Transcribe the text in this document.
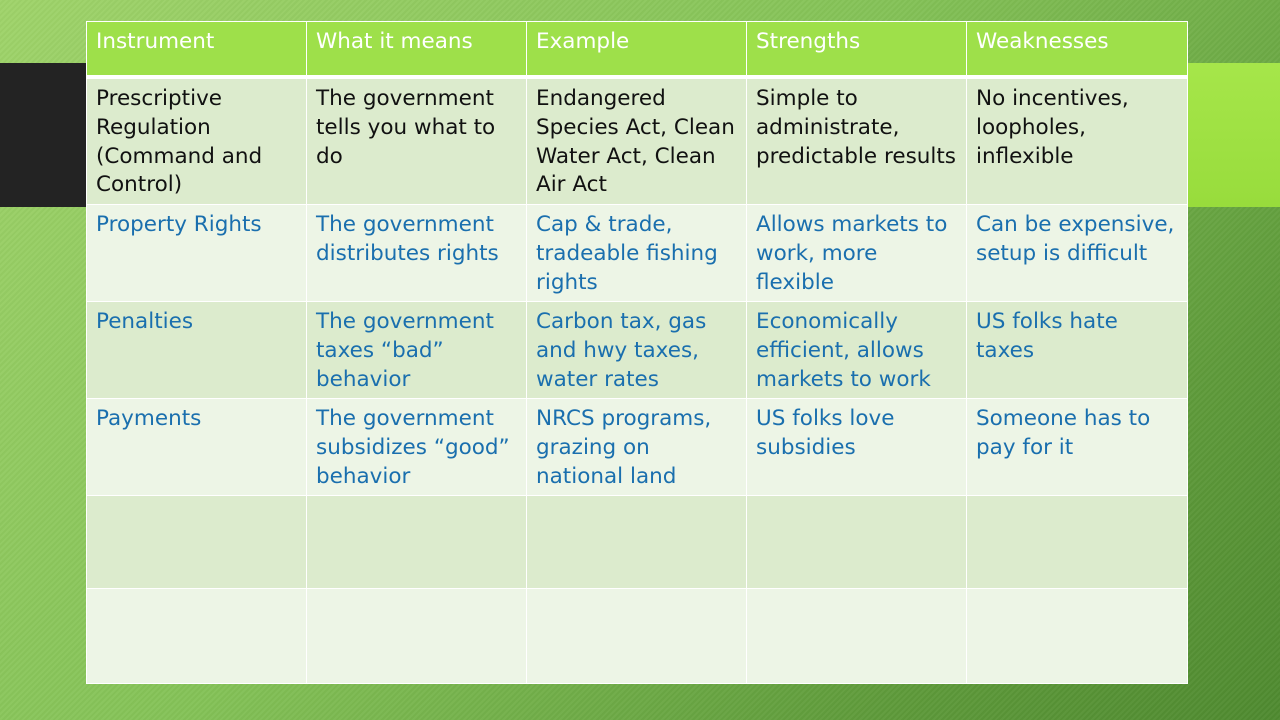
Instrument	What it means	Example	Strengths	Weaknesses
Prescriptive Regulation (Command and Control)	The government tells you what to do	Endangered Species Act, Clean Water Act, Clean Air Act	Simple to administrate, predictable results	No incentives, loopholes, inflexible
Property Rights	The government distributes rights	Cap & trade, tradeable fishing rights	Allows markets to work, more flexible	Can be expensive, setup is difficult
Penalties	The government taxes “bad” behavior	Carbon tax, gas and hwy taxes, water rates	Economically efficient, allows markets to work	US folks hate taxes
Payments	The government subsidizes “good” behavior	NRCS programs, grazing on national land	US folks love subsidies	Someone has to pay for it
